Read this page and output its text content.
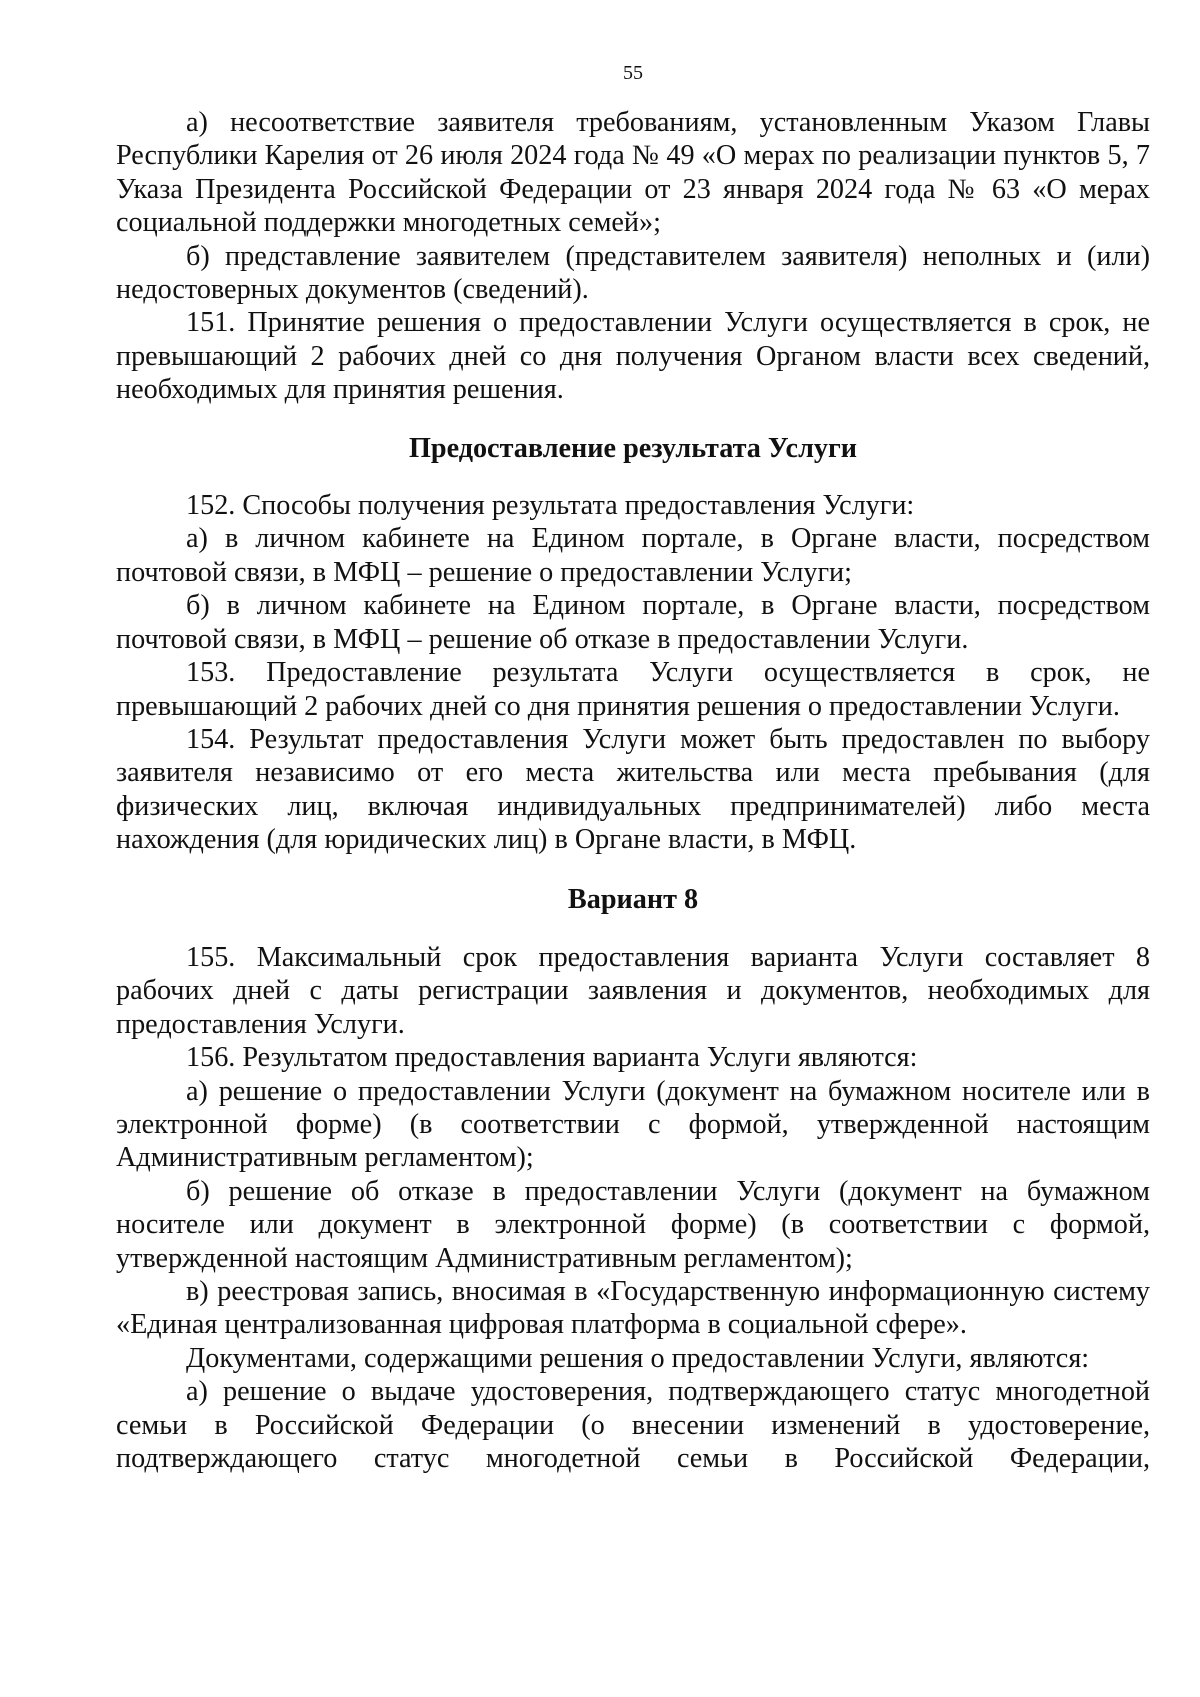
55

а) несоответствие заявителя требованиям, установленным Указом Главы Республики Карелия от 26 июля 2024 года № 49 «О мерах по реализации пунктов 5, 7 Указа Президента Российской Федерации от 23 января 2024 года № 63 «О мерах социальной поддержки многодетных семей»;

б) представление заявителем (представителем заявителя) неполных и (или) недостоверных документов (сведений).

151. Принятие решения о предоставлении Услуги осуществляется в срок, не превышающий 2 рабочих дней со дня получения Органом власти всех сведений, необходимых для принятия решения.

Предоставление результата Услуги

152. Способы получения результата предоставления Услуги:

а) в личном кабинете на Едином портале, в Органе власти, посредством почтовой связи, в МФЦ – решение о предоставлении Услуги;

б) в личном кабинете на Едином портале, в Органе власти, посредством почтовой связи, в МФЦ – решение об отказе в предоставлении Услуги.

153. Предоставление результата Услуги осуществляется в срок, не превышающий 2 рабочих дней со дня принятия решения о предоставлении Услуги.

154. Результат предоставления Услуги может быть предоставлен по выбору заявителя независимо от его места жительства или места пребывания (для физических лиц, включая индивидуальных предпринимателей) либо места нахождения (для юридических лиц) в Органе власти, в МФЦ.

Вариант 8

155. Максимальный срок предоставления варианта Услуги составляет 8 рабочих дней с даты регистрации заявления и документов, необходимых для предоставления Услуги.

156. Результатом предоставления варианта Услуги являются:

а) решение о предоставлении Услуги (документ на бумажном носителе или в электронной форме) (в соответствии с формой, утвержденной настоящим Административным регламентом);

б) решение об отказе в предоставлении Услуги (документ на бумажном носителе или документ в электронной форме) (в соответствии с формой, утвержденной настоящим Административным регламентом);

в) реестровая запись, вносимая в «Государственную информационную систему «Единая централизованная цифровая платформа в социальной сфере».

Документами, содержащими решения о предоставлении Услуги, являются:

а) решение о выдаче удостоверения, подтверждающего статус многодетной семьи в Российской Федерации (о внесении изменений в удостоверение, подтверждающего статус многодетной семьи в Российской Федерации,
